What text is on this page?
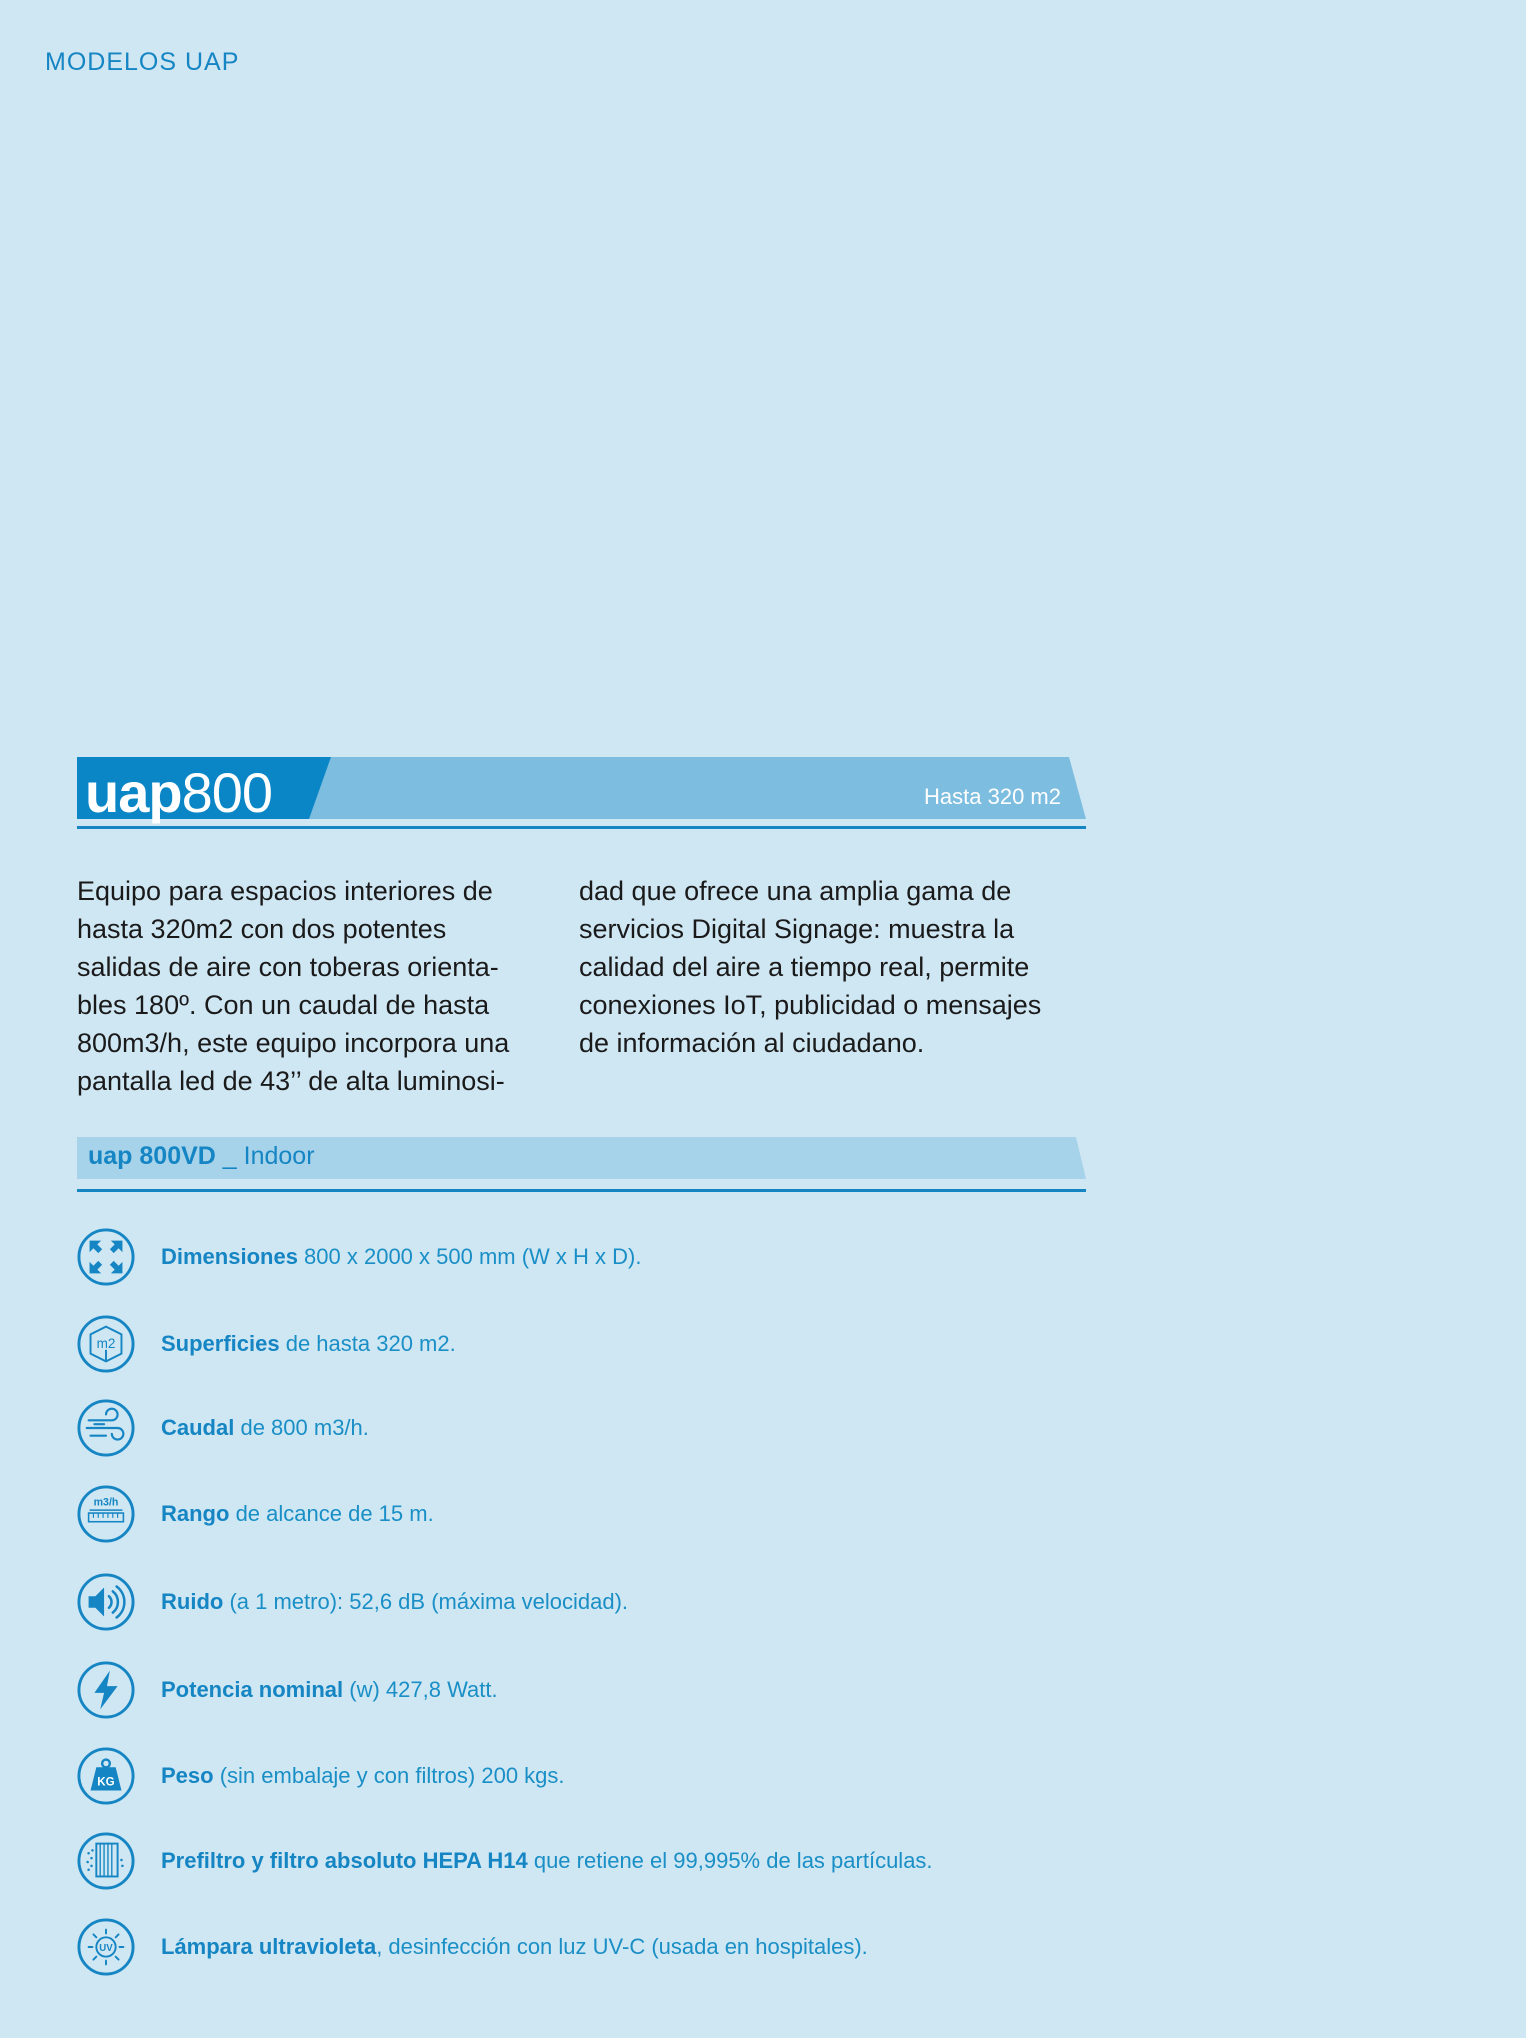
MODELOS UAP
uap800	Hasta 320 m2
Equipo para espacios interiores de
hasta 320m2 con dos potentes
salidas de aire con toberas orienta-
bles 180º. Con un caudal de hasta
800m3/h, este equipo incorpora una
pantalla led de 43’’ de alta luminosi-
dad que ofrece una amplia gama de
servicios Digital Signage: muestra la
calidad del aire a tiempo real, permite
conexiones IoT, publicidad o mensajes
de información al ciudadano.
uap 800VD _ Indoor
Dimensiones 800 x 2000 x 500 mm (W x H x D).
m2 Superficies de hasta 320 m2.
Caudal de 800 m3/h.
m3/h Rango de alcance de 15 m.
Ruido (a 1 metro): 52,6 dB (máxima velocidad).
Potencia nominal (w) 427,8 Watt.
KG Peso (sin embalaje y con filtros) 200 kgs.
Prefiltro y filtro absoluto HEPA H14 que retiene el 99,995% de las partículas.
UV Lámpara ultravioleta, desinfección con luz UV-C (usada en hospitales).
